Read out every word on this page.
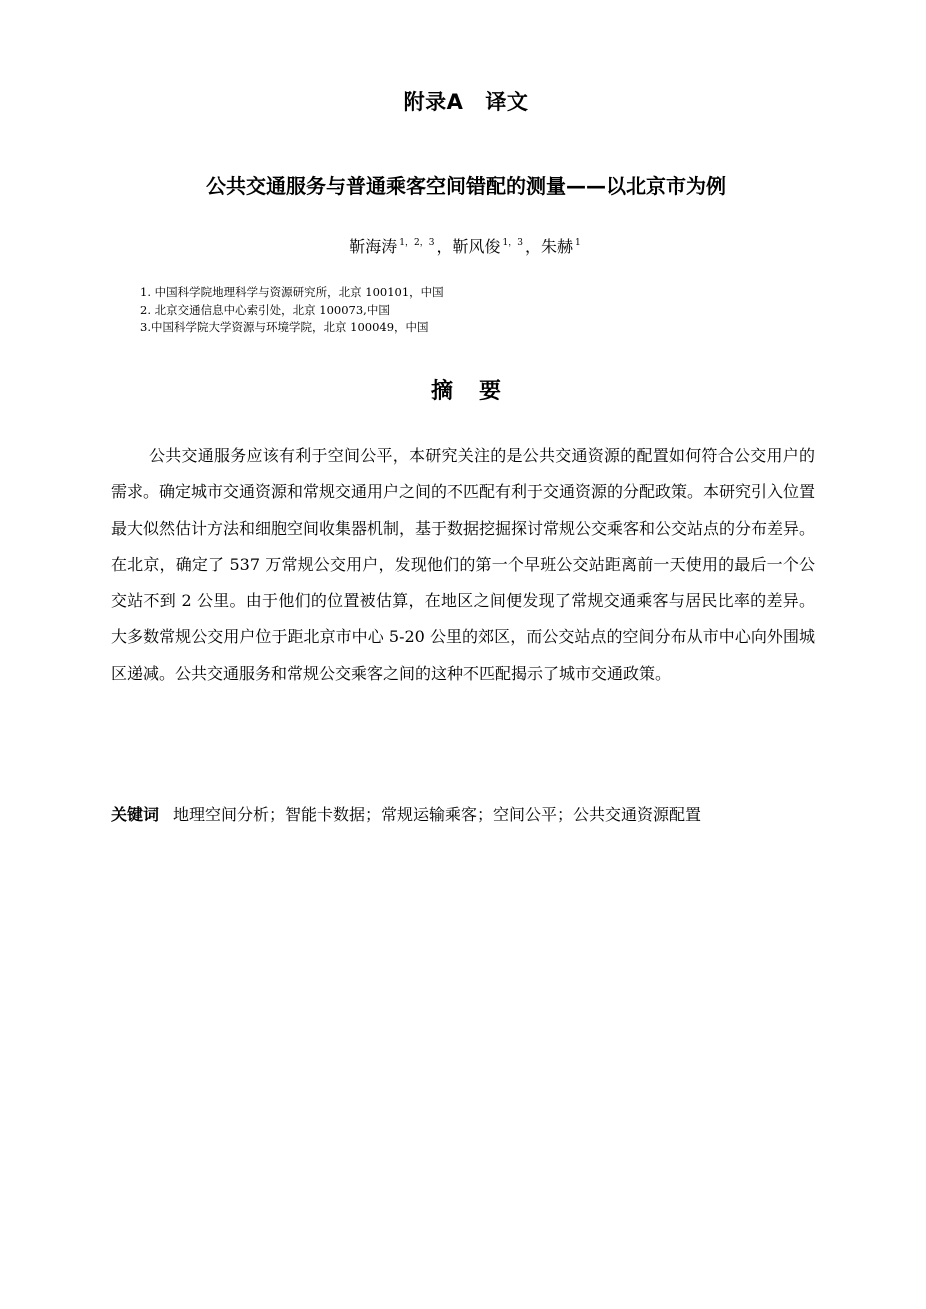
附录A 译文
公共交通服务与普通乘客空间错配的测量——以北京市为例
靳海涛 $^{1,2,3}$ ，靳风俊 $^{1,3}$ ，朱赫 $^1$
1. 中国科学院地理科学与资源研究所，北京 100101，中国
2. 北京交通信息中心索引处，北京 100073,中国
3.中国科学院大学资源与环境学院，北京 100049，中国
摘 要
公共交通服务应该有利于空间公平，本研究关注的是公共交通资源的配置如何符合公交用户的需求。确定城市交通资源和常规交通用户之间的不匹配有利于交通资源的分配政策。本研究引入位置最大似然估计方法和细胞空间收集器机制，基于数据挖掘探讨常规公交乘客和公交站点的分布差异。在北京，确定了 537 万常规公交用户，发现他们的第一个早班公交站距离前一天使用的最后一个公交站不到 2 公里。由于他们的位置被估算，在地区之间便发现了常规交通乘客与居民比率的差异。大多数常规公交用户位于距北京市中心 5-20 公里的郊区，而公交站点的空间分布从市中心向外围城区递减。公共交通服务和常规公交乘客之间的这种不匹配揭示了城市交通政策。
关键词 地理空间分析；智能卡数据；常规运输乘客；空间公平；公共交通资源配置
